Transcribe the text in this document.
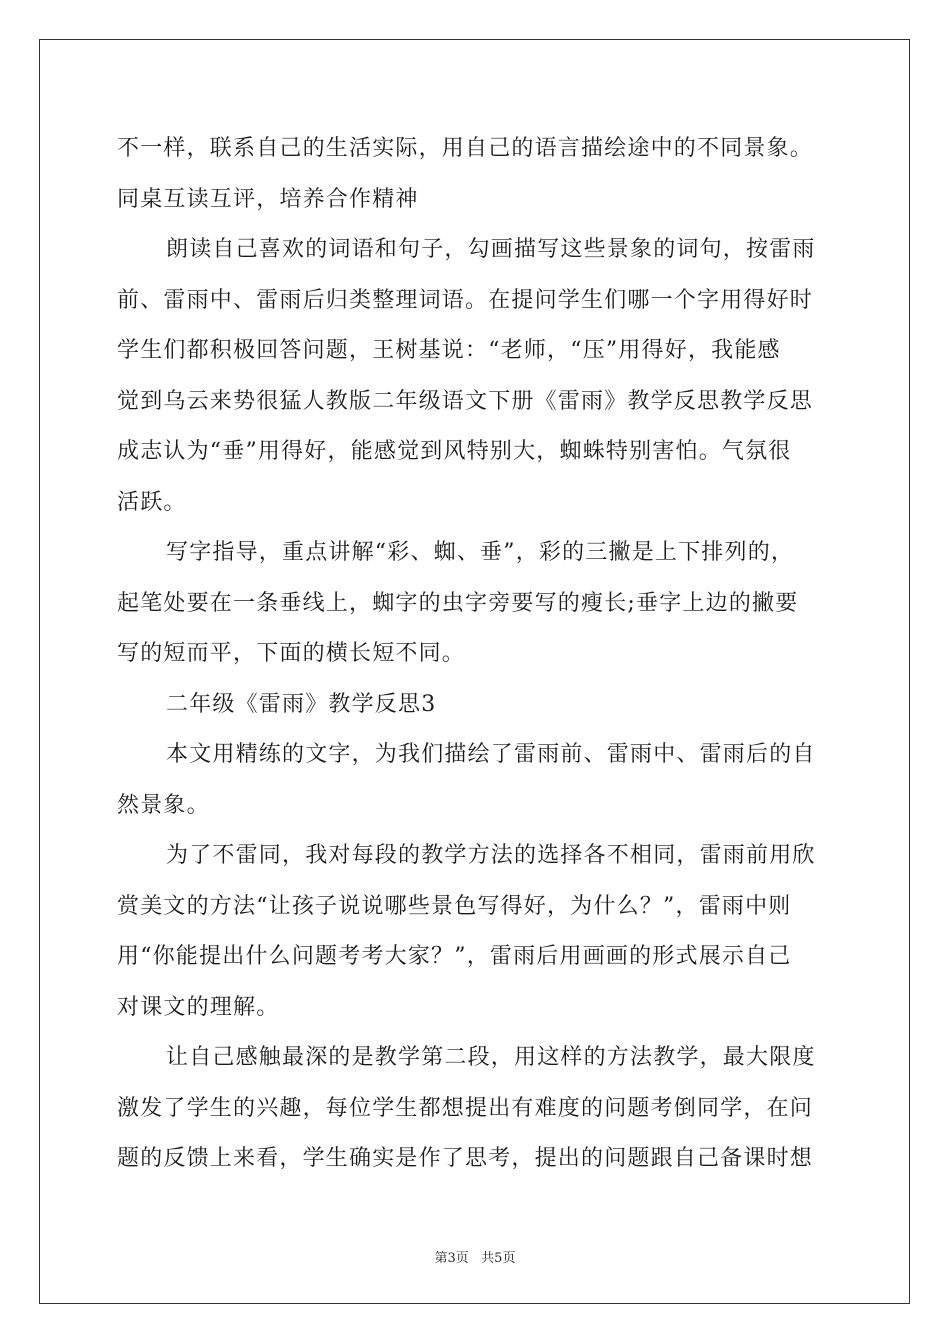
不一样，联系自己的生活实际，用自己的语言描绘途中的不同景象。
同桌互读互评，培养合作精神
朗读自己喜欢的词语和句子，勾画描写这些景象的词句，按雷雨
前、雷雨中、雷雨后归类整理词语。在提问学生们哪一个字用得好时
学生们都积极回答问题，王树基说：“老师，“压”用得好，我能感
觉到乌云来势很猛人教版二年级语文下册《雷雨》教学反思教学反思
成志认为“垂”用得好，能感觉到风特别大，蜘蛛特别害怕。气氛很
活跃。
写字指导，重点讲解“彩、蜘、垂”，彩的三撇是上下排列的，
起笔处要在一条垂线上，蜘字的虫字旁要写的瘦长;垂字上边的撇要
写的短而平，下面的横长短不同。
二年级《雷雨》教学反思3
本文用精练的文字，为我们描绘了雷雨前、雷雨中、雷雨后的自
然景象。
为了不雷同，我对每段的教学方法的选择各不相同，雷雨前用欣
赏美文的方法“让孩子说说哪些景色写得好，为什么？”，雷雨中则
用“你能提出什么问题考考大家？”，雷雨后用画画的形式展示自己
对课文的理解。
让自己感触最深的是教学第二段，用这样的方法教学，最大限度
激发了学生的兴趣，每位学生都想提出有难度的问题考倒同学，在问
题的反馈上来看，学生确实是作了思考，提出的问题跟自己备课时想
第3页   共5页
